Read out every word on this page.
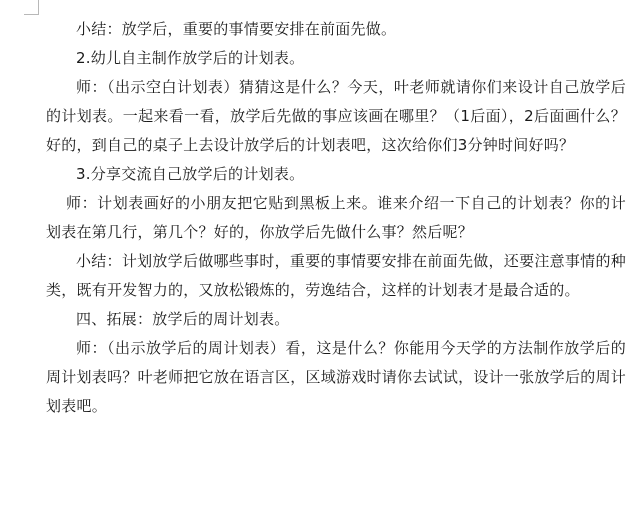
小结：放学后，重要的事情要安排在前面先做。

2.幼儿自主制作放学后的计划表。

师：（出示空白计划表）猜猜这是什么？今天，叶老师就请你们来设计自己放学后的计划表。一起来看一看，放学后先做的事应该画在哪里？（1后面），2后面画什么？好的，到自己的桌子上去设计放学后的计划表吧，这次给你们3分钟时间好吗？

3.分享交流自己放学后的计划表。

师：计划表画好的小朋友把它贴到黑板上来。谁来介绍一下自己的计划表？你的计划表在第几行，第几个？好的，你放学后先做什么事？然后呢？

小结：计划放学后做哪些事时，重要的事情要安排在前面先做，还要注意事情的种类，既有开发智力的，又放松锻炼的，劳逸结合，这样的计划表才是最合适的。

四、拓展：放学后的周计划表。

师：（出示放学后的周计划表）看，这是什么？你能用今天学的方法制作放学后的周计划表吗？叶老师把它放在语言区，区域游戏时请你去试试，设计一张放学后的周计划表吧。
